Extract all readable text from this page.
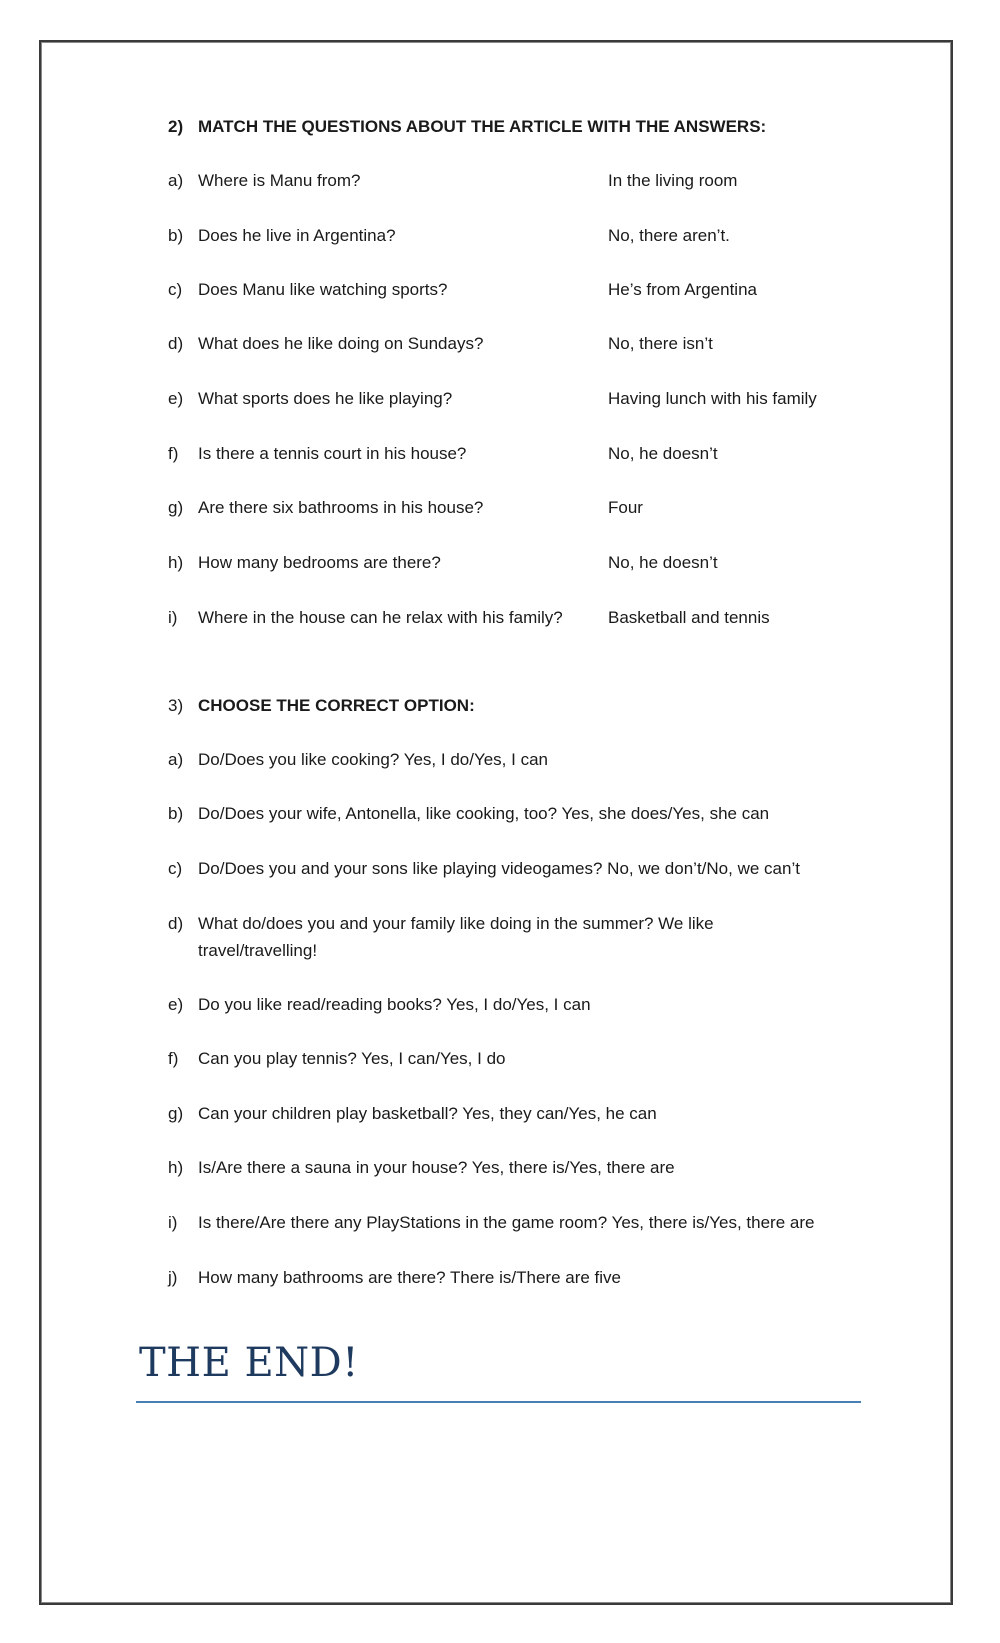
2) MATCH THE QUESTIONS ABOUT THE ARTICLE WITH THE ANSWERS:
a) Where is Manu from?	In the living room
b) Does he live in Argentina?	No, there aren’t.
c) Does Manu like watching sports?	He’s from Argentina
d) What does he like doing on Sundays?	No, there isn’t
e) What sports does he like playing?	Having lunch with his family
f)	Is there a tennis court in his house?	No, he doesn’t
g) Are there six bathrooms in his house?	Four
h) How many bedrooms are there?	No, he doesn’t
i)	Where in the house can he relax with his family?	Basketball and tennis
3) CHOOSE THE CORRECT OPTION:
a) Do/Does you like cooking? Yes, I do/Yes, I can
b) Do/Does your wife, Antonella, like cooking, too? Yes, she does/Yes, she can
c) Do/Does you and your sons like playing videogames? No, we don’t/No, we can’t
d) What do/does you and your family like doing in the summer? We like travel/travelling!
e) Do you like read/reading books? Yes, I do/Yes, I can
f)	Can you play tennis? Yes, I can/Yes, I do
g) Can your children play basketball? Yes, they can/Yes, he can
h) Is/Are there a sauna in your house? Yes, there is/Yes, there are
i)	Is there/Are there any PlayStations in the game room? Yes, there is/Yes, there are
j)	How many bathrooms are there? There is/There are five
THE END!
